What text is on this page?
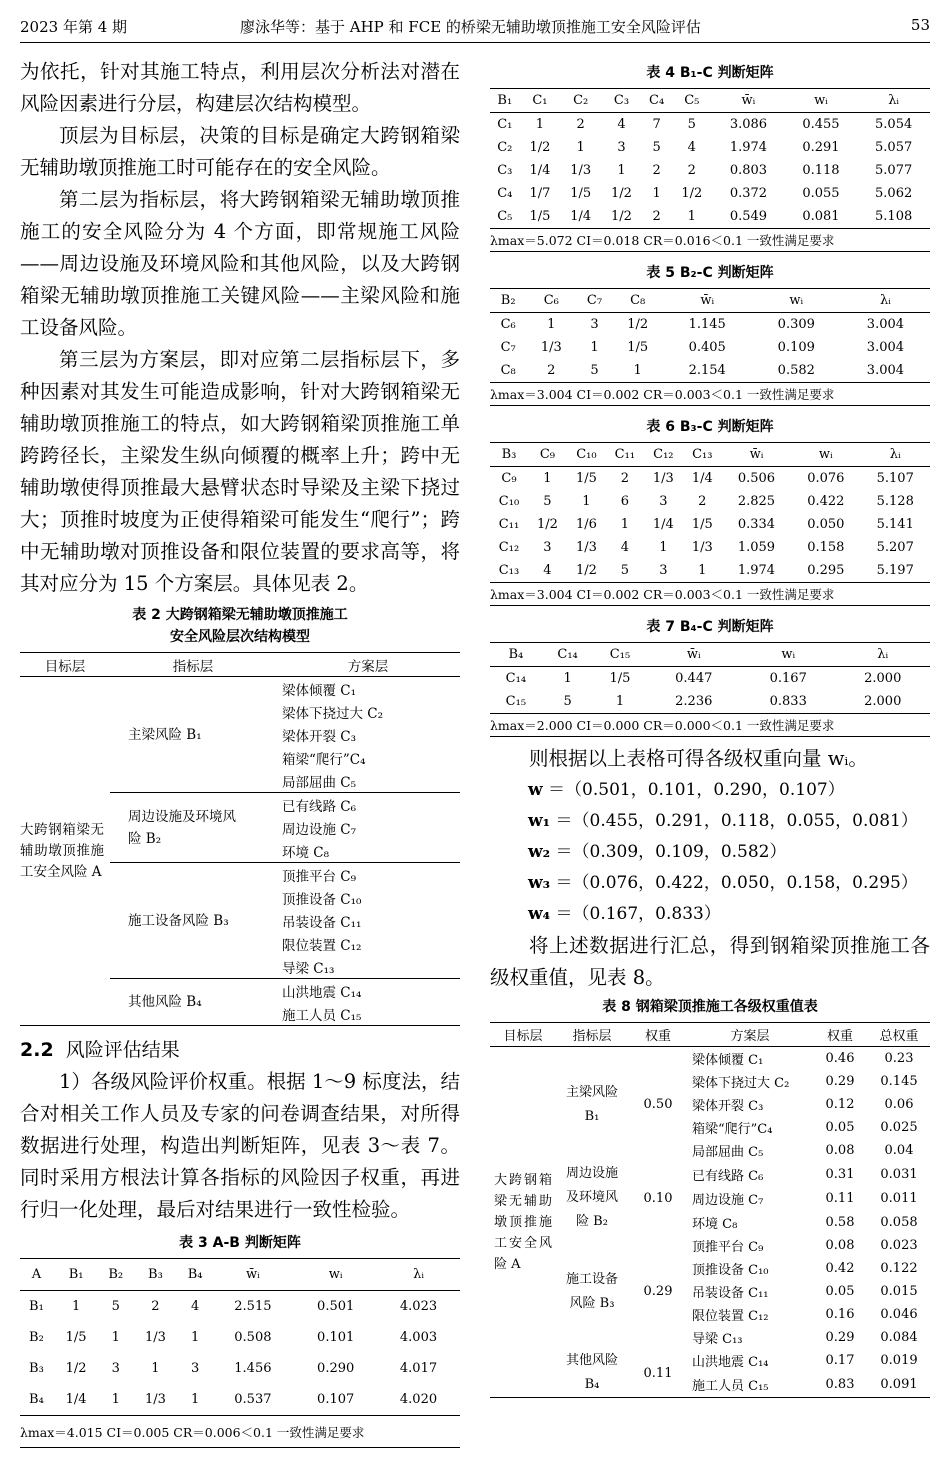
2023 年第 4 期	廖泳华等：基于 AHP 和 FCE 的桥梁无辅助墩顶推施工安全风险评估	53

为依托，针对其施工特点，利用层次分析法对潜在风险因素进行分层，构建层次结构模型。

顶层为目标层，决策的目标是确定大跨钢箱梁无辅助墩顶推施工时可能存在的安全风险。

第二层为指标层，将大跨钢箱梁无辅助墩顶推施工的安全风险分为 4 个方面，即常规施工风险——周边设施及环境风险和其他风险，以及大跨钢箱梁无辅助墩顶推施工关键风险——主梁风险和施工设备风险。

第三层为方案层，即对应第二层指标层下，多种因素对其发生可能造成影响，针对大跨钢箱梁无辅助墩顶推施工的特点，如大跨钢箱梁顶推施工单跨跨径长，主梁发生纵向倾覆的概率上升；跨中无辅助墩使得顶推最大悬臂状态时导梁及主梁下挠过大；顶推时坡度为正使得箱梁可能发生“爬行”；跨中无辅助墩对顶推设备和限位装置的要求高等，将其对应分为 15 个方案层。具体见表 2。

表 2 大跨钢箱梁无辅助墩顶推施工
安全风险层次结构模型
目标层	指标层	方案层
大跨钢箱梁无辅助墩顶推施工安全风险 A	主梁风险 B₁	梁体倾覆 C₁
		梁体下挠过大 C₂
		梁体开裂 C₃
		箱梁“爬行”C₄
		局部屈曲 C₅
	周边设施及环境风险 B₂	已有线路 C₆
		周边设施 C₇
		环境 C₈
	施工设备风险 B₃	顶推平台 C₉
		顶推设备 C₁₀
		吊装设备 C₁₁
		限位装置 C₁₂
		导梁 C₁₃
	其他风险 B₄	山洪地震 C₁₄
		施工人员 C₁₅
2.2 风险评估结果

1）各级风险评价权重。根据 1～9 标度法，结合对相关工作人员及专家的问卷调查结果，对所得数据进行处理，构造出判断矩阵，见表 3～表 7。同时采用方根法计算各指标的风险因子权重，再进行归一化处理，最后对结果进行一致性检验。

表 3 A-B 判断矩阵
A	B₁	B₂	B₃	B₄	w̄ᵢ	wᵢ	λᵢ
B₁	1	5	2	4	2.515	0.501	4.023
B₂	1/5	1	1/3	1	0.508	0.101	4.003
B₃	1/2	3	1	3	1.456	0.290	4.017
B₄	1/4	1	1/3	1	0.537	0.107	4.020
λmax＝4.015 CI＝0.005 CR＝0.006＜0.1 一致性满足要求							
表 4 B₁-C 判断矩阵
B₁	C₁	C₂	C₃	C₄	C₅	w̄ᵢ	wᵢ	λᵢ
C₁	1	2	4	7	5	3.086	0.455	5.054
C₂	1/2	1	3	5	4	1.974	0.291	5.057
C₃	1/4	1/3	1	2	2	0.803	0.118	5.077
C₄	1/7	1/5	1/2	1	1/2	0.372	0.055	5.062
C₅	1/5	1/4	1/2	2	1	0.549	0.081	5.108
λmax＝5.072 CI＝0.018 CR＝0.016＜0.1 一致性满足要求								
表 5 B₂-C 判断矩阵
B₂	C₆	C₇	C₈	w̄ᵢ	wᵢ	λᵢ
C₆	1	3	1/2	1.145	0.309	3.004
C₇	1/3	1	1/5	0.405	0.109	3.004
C₈	2	5	1	2.154	0.582	3.004
λmax＝3.004 CI＝0.002 CR＝0.003＜0.1 一致性满足要求						
表 6 B₃-C 判断矩阵
B₃	C₉	C₁₀	C₁₁	C₁₂	C₁₃	w̄ᵢ	wᵢ	λᵢ
C₉	1	1/5	2	1/3	1/4	0.506	0.076	5.107
C₁₀	5	1	6	3	2	2.825	0.422	5.128
C₁₁	1/2	1/6	1	1/4	1/5	0.334	0.050	5.141
C₁₂	3	1/3	4	1	1/3	1.059	0.158	5.207
C₁₃	4	1/2	5	3	1	1.974	0.295	5.197
λmax＝3.004 CI＝0.002 CR＝0.003＜0.1 一致性满足要求								
表 7 B₄-C 判断矩阵
B₄	C₁₄	C₁₅	w̄ᵢ	wᵢ	λᵢ
C₁₄	1	1/5	0.447	0.167	2.000
C₁₅	5	1	2.236	0.833	2.000
λmax＝2.000 CI＝0.000 CR＝0.000＜0.1 一致性满足要求					

则根据以上表格可得各级权重向量 wᵢ。

w ＝（0.501，0.101，0.290，0.107）
w₁ ＝（0.455，0.291，0.118，0.055，0.081）
w₂ ＝（0.309，0.109，0.582）
w₃ ＝（0.076，0.422，0.050，0.158，0.295）
w₄ ＝（0.167，0.833）

将上述数据进行汇总，得到钢箱梁顶推施工各级权重值，见表 8。

表 8 钢箱梁顶推施工各级权重值表
目标层	指标层	权重	方案层	权重	总权重
大跨钢箱梁无辅助墩顶推施工安全风险 A	主梁风险 B₁	0.50	梁体倾覆 C₁	0.46	0.23
			梁体下挠过大 C₂	0.29	0.145
			梁体开裂 C₃	0.12	0.06
			箱梁“爬行”C₄	0.05	0.025
			局部屈曲 C₅	0.08	0.04
	周边设施及环境风险 B₂	0.10	已有线路 C₆	0.31	0.031
			周边设施 C₇	0.11	0.011
			环境 C₈	0.58	0.058
	施工设备风险 B₃	0.29	顶推平台 C₉	0.08	0.023
			顶推设备 C₁₀	0.42	0.122
			吊装设备 C₁₁	0.05	0.015
			限位装置 C₁₂	0.16	0.046
			导梁 C₁₃	0.29	0.084
	其他风险 B₄	0.11	山洪地震 C₁₄	0.17	0.019
			施工人员 C₁₅	0.83	0.091
